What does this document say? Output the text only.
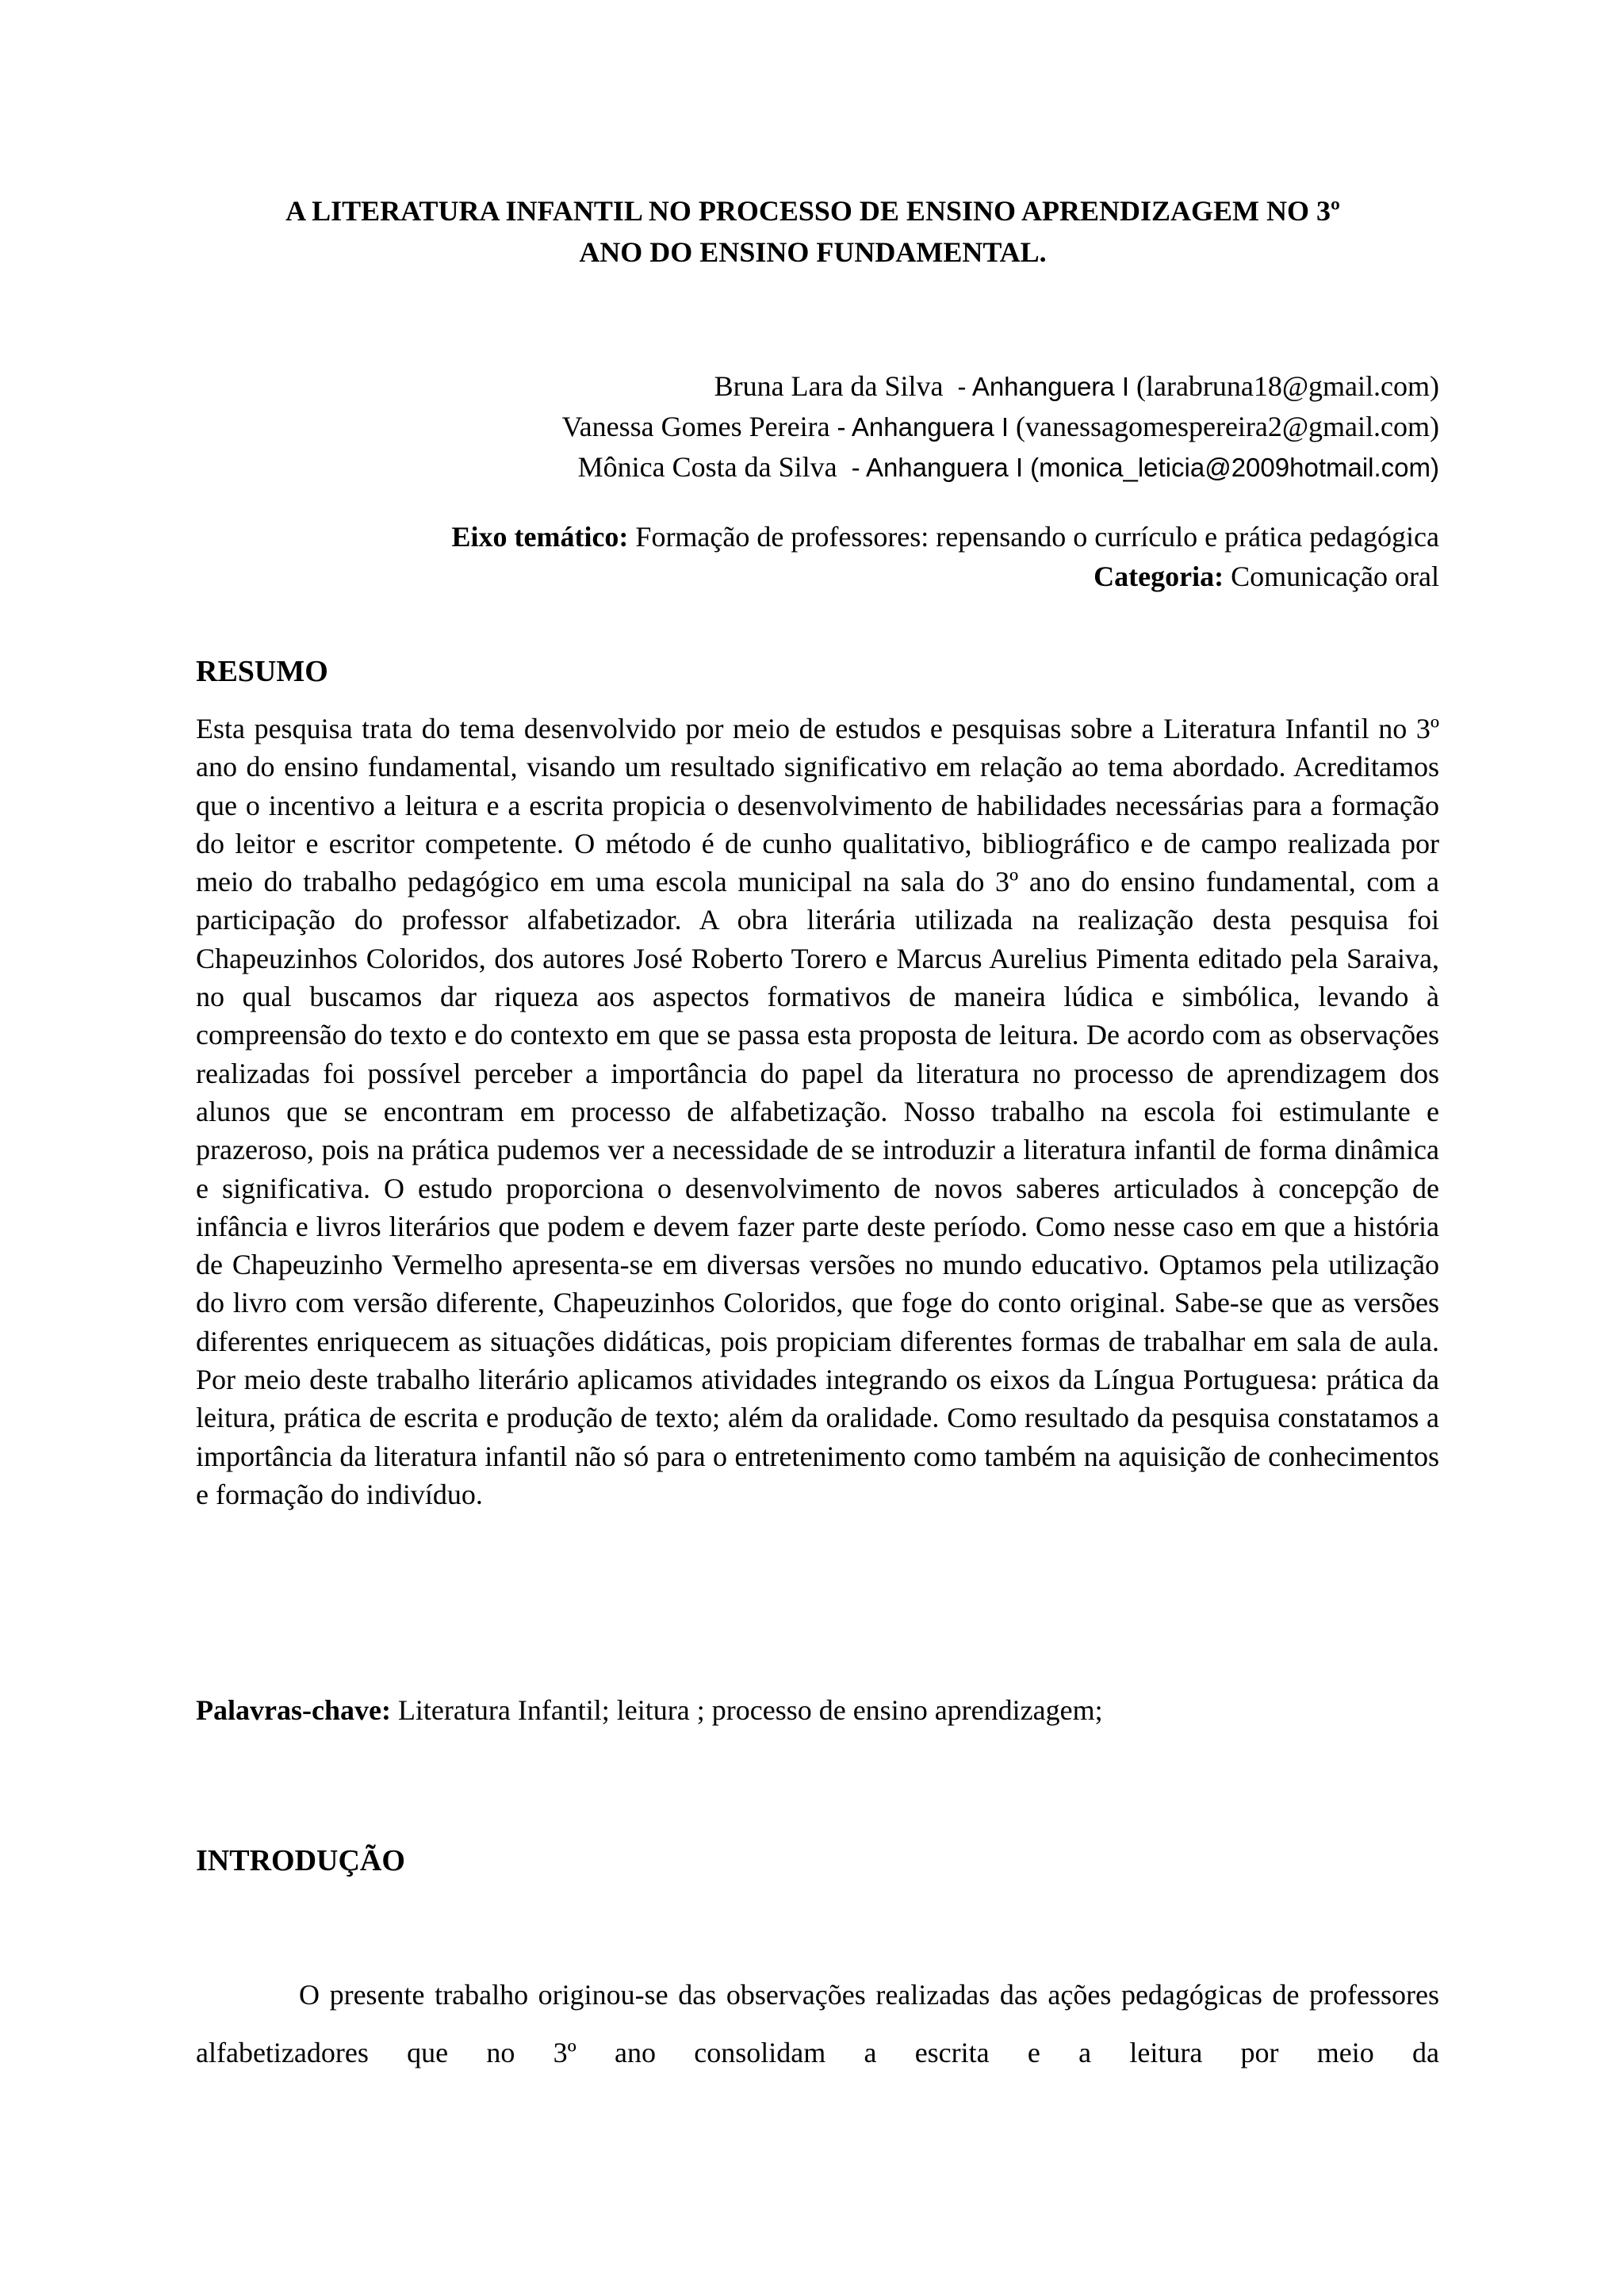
A LITERATURA INFANTIL NO PROCESSO DE ENSINO APRENDIZAGEM NO 3º
ANO DO ENSINO FUNDAMENTAL.
Bruna Lara da Silva - Anhanguera I (larabruna18@gmail.com)
Vanessa Gomes Pereira - Anhanguera I (vanessagomespereira2@gmail.com)
Mônica Costa da Silva - Anhanguera I (monica_leticia@2009hotmail.com)
Eixo temático: Formação de professores: repensando o currículo e prática pedagógica
Categoria: Comunicação oral
RESUMO

Esta pesquisa trata do tema desenvolvido por meio de estudos e pesquisas sobre a Literatura Infantil no 3º ano do ensino fundamental, visando um resultado significativo em relação ao tema abordado. Acreditamos que o incentivo a leitura e a escrita propicia o desenvolvimento de habilidades necessárias para a formação do leitor e escritor competente. O método é de cunho qualitativo, bibliográfico e de campo realizada por meio do trabalho pedagógico em uma escola municipal na sala do 3º ano do ensino fundamental, com a participação do professor alfabetizador. A obra literária utilizada na realização desta pesquisa foi Chapeuzinhos Coloridos, dos autores José Roberto Torero e Marcus Aurelius Pimenta editado pela Saraiva, no qual buscamos dar riqueza aos aspectos formativos de maneira lúdica e simbólica, levando à compreensão do texto e do contexto em que se passa esta proposta de leitura. De acordo com as observações realizadas foi possível perceber a importância do papel da literatura no processo de aprendizagem dos alunos que se encontram em processo de alfabetização. Nosso trabalho na escola foi estimulante e prazeroso, pois na prática pudemos ver a necessidade de se introduzir a literatura infantil de forma dinâmica e significativa. O estudo proporciona o desenvolvimento de novos saberes articulados à concepção de infância e livros literários que podem e devem fazer parte deste período. Como nesse caso em que a história de Chapeuzinho Vermelho apresenta-se em diversas versões no mundo educativo. Optamos pela utilização do livro com versão diferente, Chapeuzinhos Coloridos, que foge do conto original. Sabe-se que as versões diferentes enriquecem as situações didáticas, pois propiciam diferentes formas de trabalhar em sala de aula. Por meio deste trabalho literário aplicamos atividades integrando os eixos da Língua Portuguesa: prática da leitura, prática de escrita e produção de texto; além da oralidade. Como resultado da pesquisa constatamos a importância da literatura infantil não só para o entretenimento como também na aquisição de conhecimentos e formação do indivíduo.

Palavras-chave: Literatura Infantil; leitura ; processo de ensino aprendizagem;
INTRODUÇÃO

O presente trabalho originou-se das observações realizadas das ações pedagógicas de professores alfabetizadores que no 3º ano consolidam a escrita e a leitura por meio da
